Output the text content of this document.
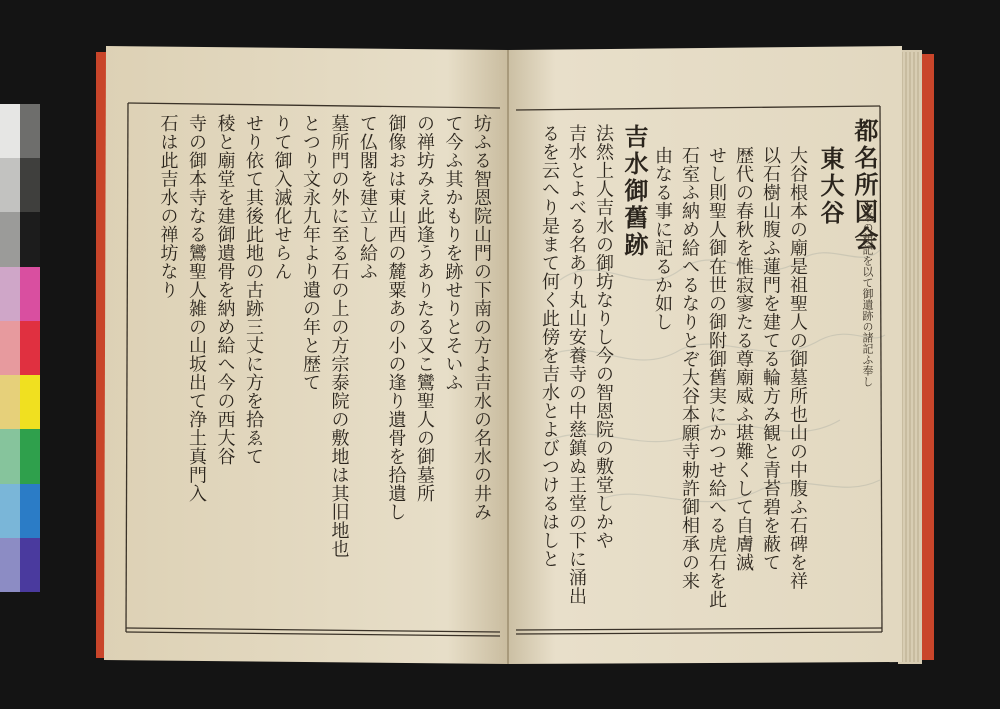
都名所図会
上来の粗記を以て御遺跡の諸記ふ奉し
東大谷
大谷根本の廟是祖聖人の御墓所也山の中腹ふ石碑を祥
以石樹山腹ふ蓮門を建てる輪方み観と青苔碧を蔽て
歴代の春秋を惟寂寥たる尊廟威ふ堪難くして自膚滅
せし則聖人御在世の御附御舊実にかつせ給へる虎石を此
石室ふ納め給へるなりとぞ大谷本願寺勅許御相承の来
由なる事に記るか如し
吉水御舊跡
法然上人吉水の御坊なりし今の智恩院の敷堂しかや
吉水とよべる名あり丸山安養寺の中慈鎮ぬ王堂の下に涌出
るを云へり是まて何く此傍を吉水とよびつけるはしと
坊ふる智恩院山門の下南の方よ吉水の名水の井み
て今ふ其かもりを跡せりとそいふ
の禅坊みえ此逢うありたる又こ鸞聖人の御墓所
御像おは東山西の麓粟あの小の逢り遺骨を拾遺し
て仏閣を建立し給ふ
墓所門の外に至る石の上の方宗泰院の敷地は其旧地也
とつり文永九年より遺の年と歴て
りて御入滅化せらん
せり依て其後此地の古跡三丈に方を拾ゑて
稜と廟堂を建御遺骨を納め給へ今の西大谷
寺の御本寺なる鸞聖人雑の山坂出て浄土真門入
石は此吉水の禅坊なり
